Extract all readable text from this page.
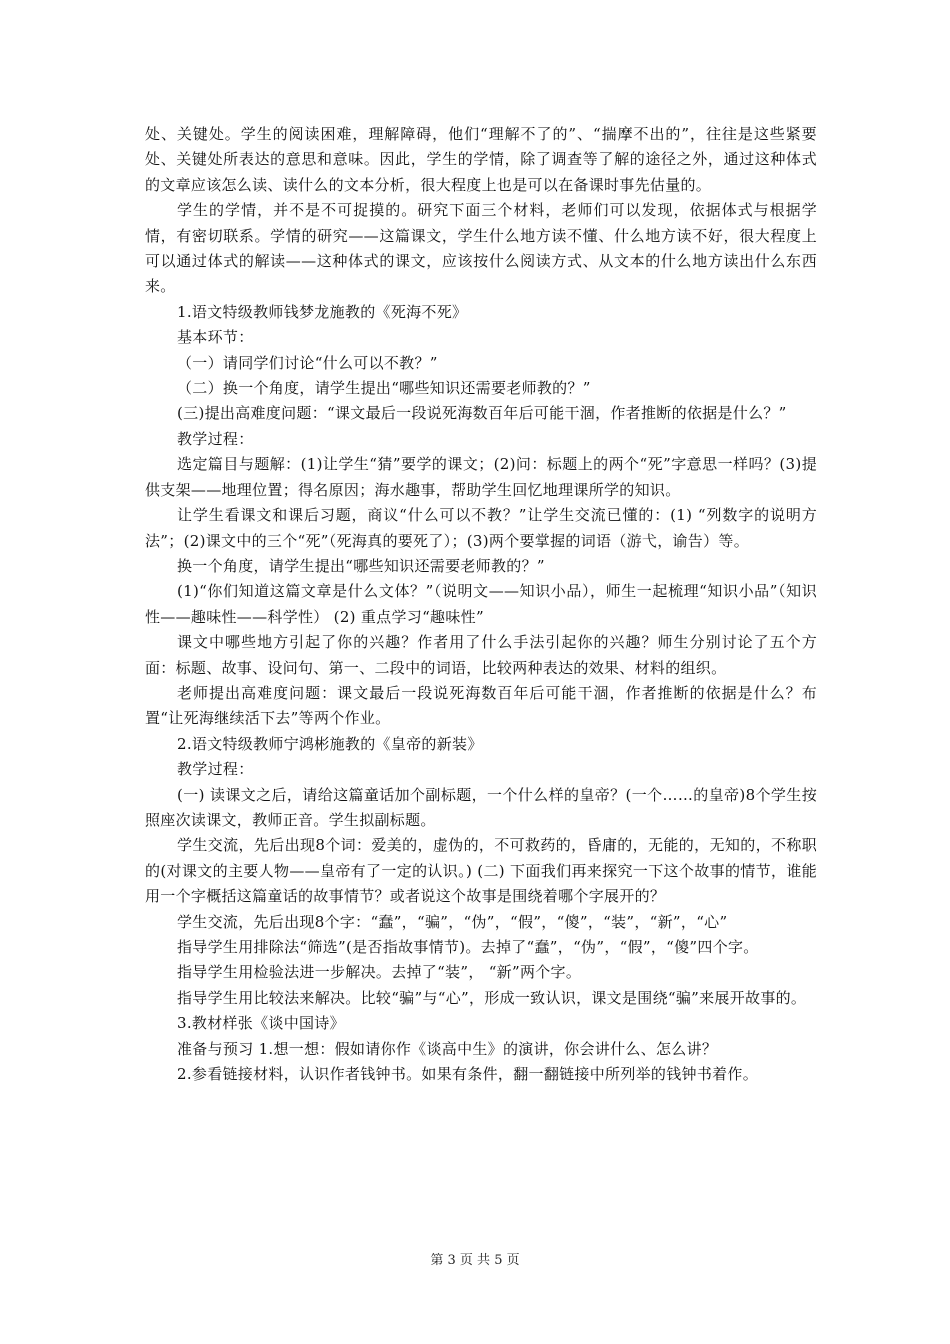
处、关键处。学生的阅读困难，理解障碍，他们“理解不了的”、“揣摩不出的”，往往是这些紧要处、关键处所表达的意思和意味。因此，学生的学情，除了调查等了解的途径之外，通过这种体式的文章应该怎么读、读什么的文本分析，很大程度上也是可以在备课时事先估量的。

学生的学情，并不是不可捉摸的。研究下面三个材料，老师们可以发现，依据体式与根据学情，有密切联系。学情的研究——这篇课文，学生什么地方读不懂、什么地方读不好，很大程度上可以通过体式的解读——这种体式的课文，应该按什么阅读方式、从文本的什么地方读出什么东西来。

1.语文特级教师钱梦龙施教的《死海不死》

基本环节：

（一）请同学们讨论“什么可以不教？”

（二）换一个角度，请学生提出“哪些知识还需要老师教的？”

(三)提出高难度问题：“课文最后一段说死海数百年后可能干涸，作者推断的依据是什么？”

教学过程：

选定篇目与题解：(1)让学生“猜”要学的课文；(2)问：标题上的两个“死”字意思一样吗？(3)提供支架——地理位置；得名原因；海水趣事，帮助学生回忆地理课所学的知识。

让学生看课文和课后习题，商议“什么可以不教？”让学生交流已懂的：(1) “列数字的说明方法”；(2)课文中的三个“死”（死海真的要死了）；(3)两个要掌握的词语（游弋，谕告）等。

换一个角度，请学生提出“哪些知识还需要老师教的？”

(1)“你们知道这篇文章是什么文体？”（说明文——知识小品），师生一起梳理“知识小品”（知识性——趣味性——科学性） (2) 重点学习“趣味性”

课文中哪些地方引起了你的兴趣？作者用了什么手法引起你的兴趣？师生分别讨论了五个方面：标题、故事、设问句、第一、二段中的词语，比较两种表达的效果、材料的组织。

老师提出高难度问题：课文最后一段说死海数百年后可能干涸，作者推断的依据是什么？布置“让死海继续活下去”等两个作业。

2.语文特级教师宁鸿彬施教的《皇帝的新装》

教学过程：

(一) 读课文之后，请给这篇童话加个副标题，一个什么样的皇帝？(一个……的皇帝)8个学生按照座次读课文，教师正音。学生拟副标题。

学生交流，先后出现8个词：爱美的，虚伪的，不可救药的，昏庸的，无能的，无知的，不称职的(对课文的主要人物——皇帝有了一定的认识。) (二) 下面我们再来探究一下这个故事的情节，谁能用一个字概括这篇童话的故事情节？或者说这个故事是围绕着哪个字展开的？

学生交流，先后出现8个字：“蠢”，“骗”，“伪”，“假”，“傻”，“装”，“新”，“心”

指导学生用排除法“筛选”(是否指故事情节)。去掉了“蠢”，“伪”，“假”，“傻”四个字。

指导学生用检验法进一步解决。去掉了“装”， “新”两个字。

指导学生用比较法来解决。比较“骗”与“心”，形成一致认识，课文是围绕“骗”来展开故事的。

3.教材样张《谈中国诗》

准备与预习 1.想一想：假如请你作《谈高中生》的演讲，你会讲什么、怎么讲？

2.参看链接材料，认识作者钱钟书。如果有条件，翻一翻链接中所列举的钱钟书着作。

第 3 页 共 5 页
